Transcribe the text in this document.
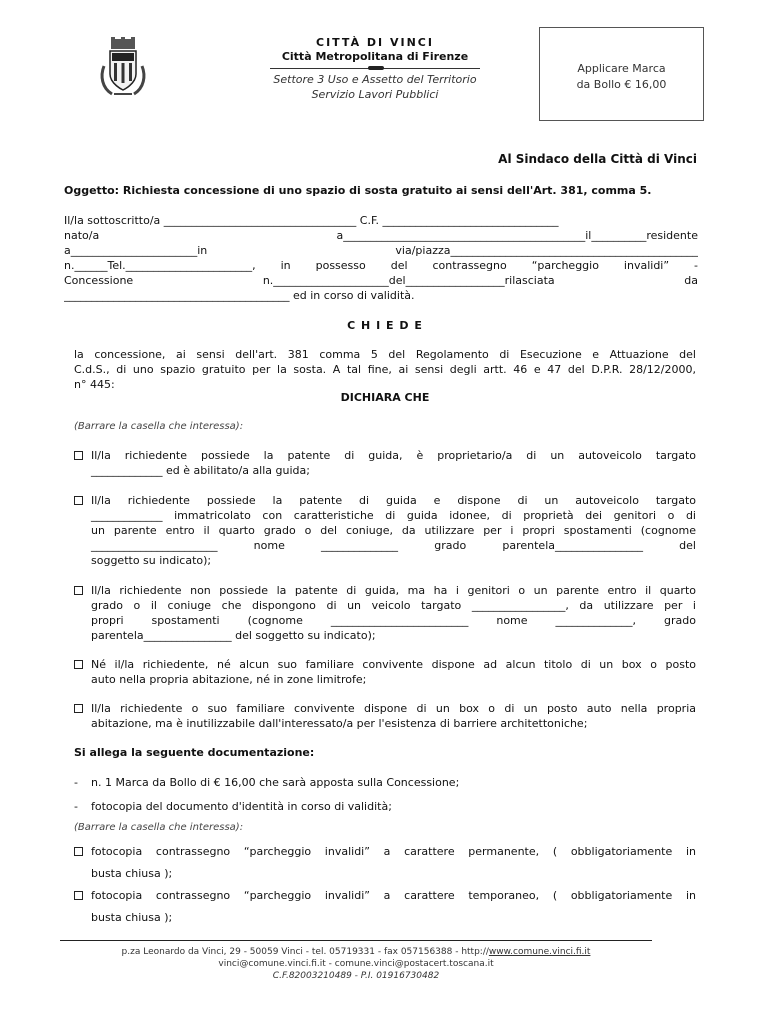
CITTÀ DI VINCI
Città Metropolitana di Firenze
Settore 3 Uso e Assetto del Territorio
Servizio Lavori Pubblici
Applicare Marca
da Bollo € 16,00
Al Sindaco della Città di Vinci
Oggetto: Richiesta concessione di uno spazio di sosta gratuito ai sensi dell'Art. 381, comma 5.
Il/la sottoscritto/a ___________________________________ C.F. ________________________________
nato/a a____________________________________________il__________residente
a_______________________in via/piazza_____________________________________________
n.______Tel._______________________, in possesso del contrassegno “parcheggio invalidi” -
Concessione n._____________________del__________________rilasciata da
_________________________________________ ed in corso di validità.
C H I E D E
la concessione, ai sensi dell'art. 381 comma 5 del Regolamento di Esecuzione e Attuazione del
C.d.S., di uno spazio gratuito per la sosta. A tal fine, ai sensi degli artt. 46 e 47 del D.P.R. 28/12/2000,
n° 445:
DICHIARA CHE
(Barrare la casella che interessa):
Il/la richiedente possiede la patente di guida, è proprietario/a di un autoveicolo targato
_____________ ed è abilitato/a alla guida;
Il/la richiedente possiede la patente di guida e dispone di un autoveicolo targato
_____________ immatricolato con caratteristiche di guida idonee, di proprietà dei genitori o di
un parente entro il quarto grado o del coniuge, da utilizzare per i propri spostamenti (cognome
_______________________ nome ______________ grado parentela________________ del
soggetto su indicato);
Il/la richiedente non possiede la patente di guida, ma ha i genitori o un parente entro il quarto
grado o il coniuge che dispongono di un veicolo targato _________________, da utilizzare per i
propri spostamenti (cognome _________________________ nome ______________, grado
parentela________________ del soggetto su indicato);
Né il/la richiedente, né alcun suo familiare convivente dispone ad alcun titolo di un box o posto
auto nella propria abitazione, né in zone limitrofe;
Il/la richiedente o suo familiare convivente dispone di un box o di un posto auto nella propria
abitazione, ma è inutilizzabile dall'interessato/a per l'esistenza di barriere architettoniche;
Si allega la seguente documentazione:
- n. 1 Marca da Bollo di € 16,00 che sarà apposta sulla Concessione;
- fotocopia del documento d'identità in corso di validità;
(Barrare la casella che interessa):
fotocopia contrassegno “parcheggio invalidi” a carattere permanente, ( obbligatoriamente in
busta chiusa );
fotocopia contrassegno “parcheggio invalidi” a carattere temporaneo, ( obbligatoriamente in
busta chiusa );
p.za Leonardo da Vinci, 29 - 50059 Vinci - tel. 05719331 - fax 057156388 - http://www.comune.vinci.fi.it
vinci@comune.vinci.fi.it - comune.vinci@postacert.toscana.it
C.F.82003210489 - P.I. 01916730482
